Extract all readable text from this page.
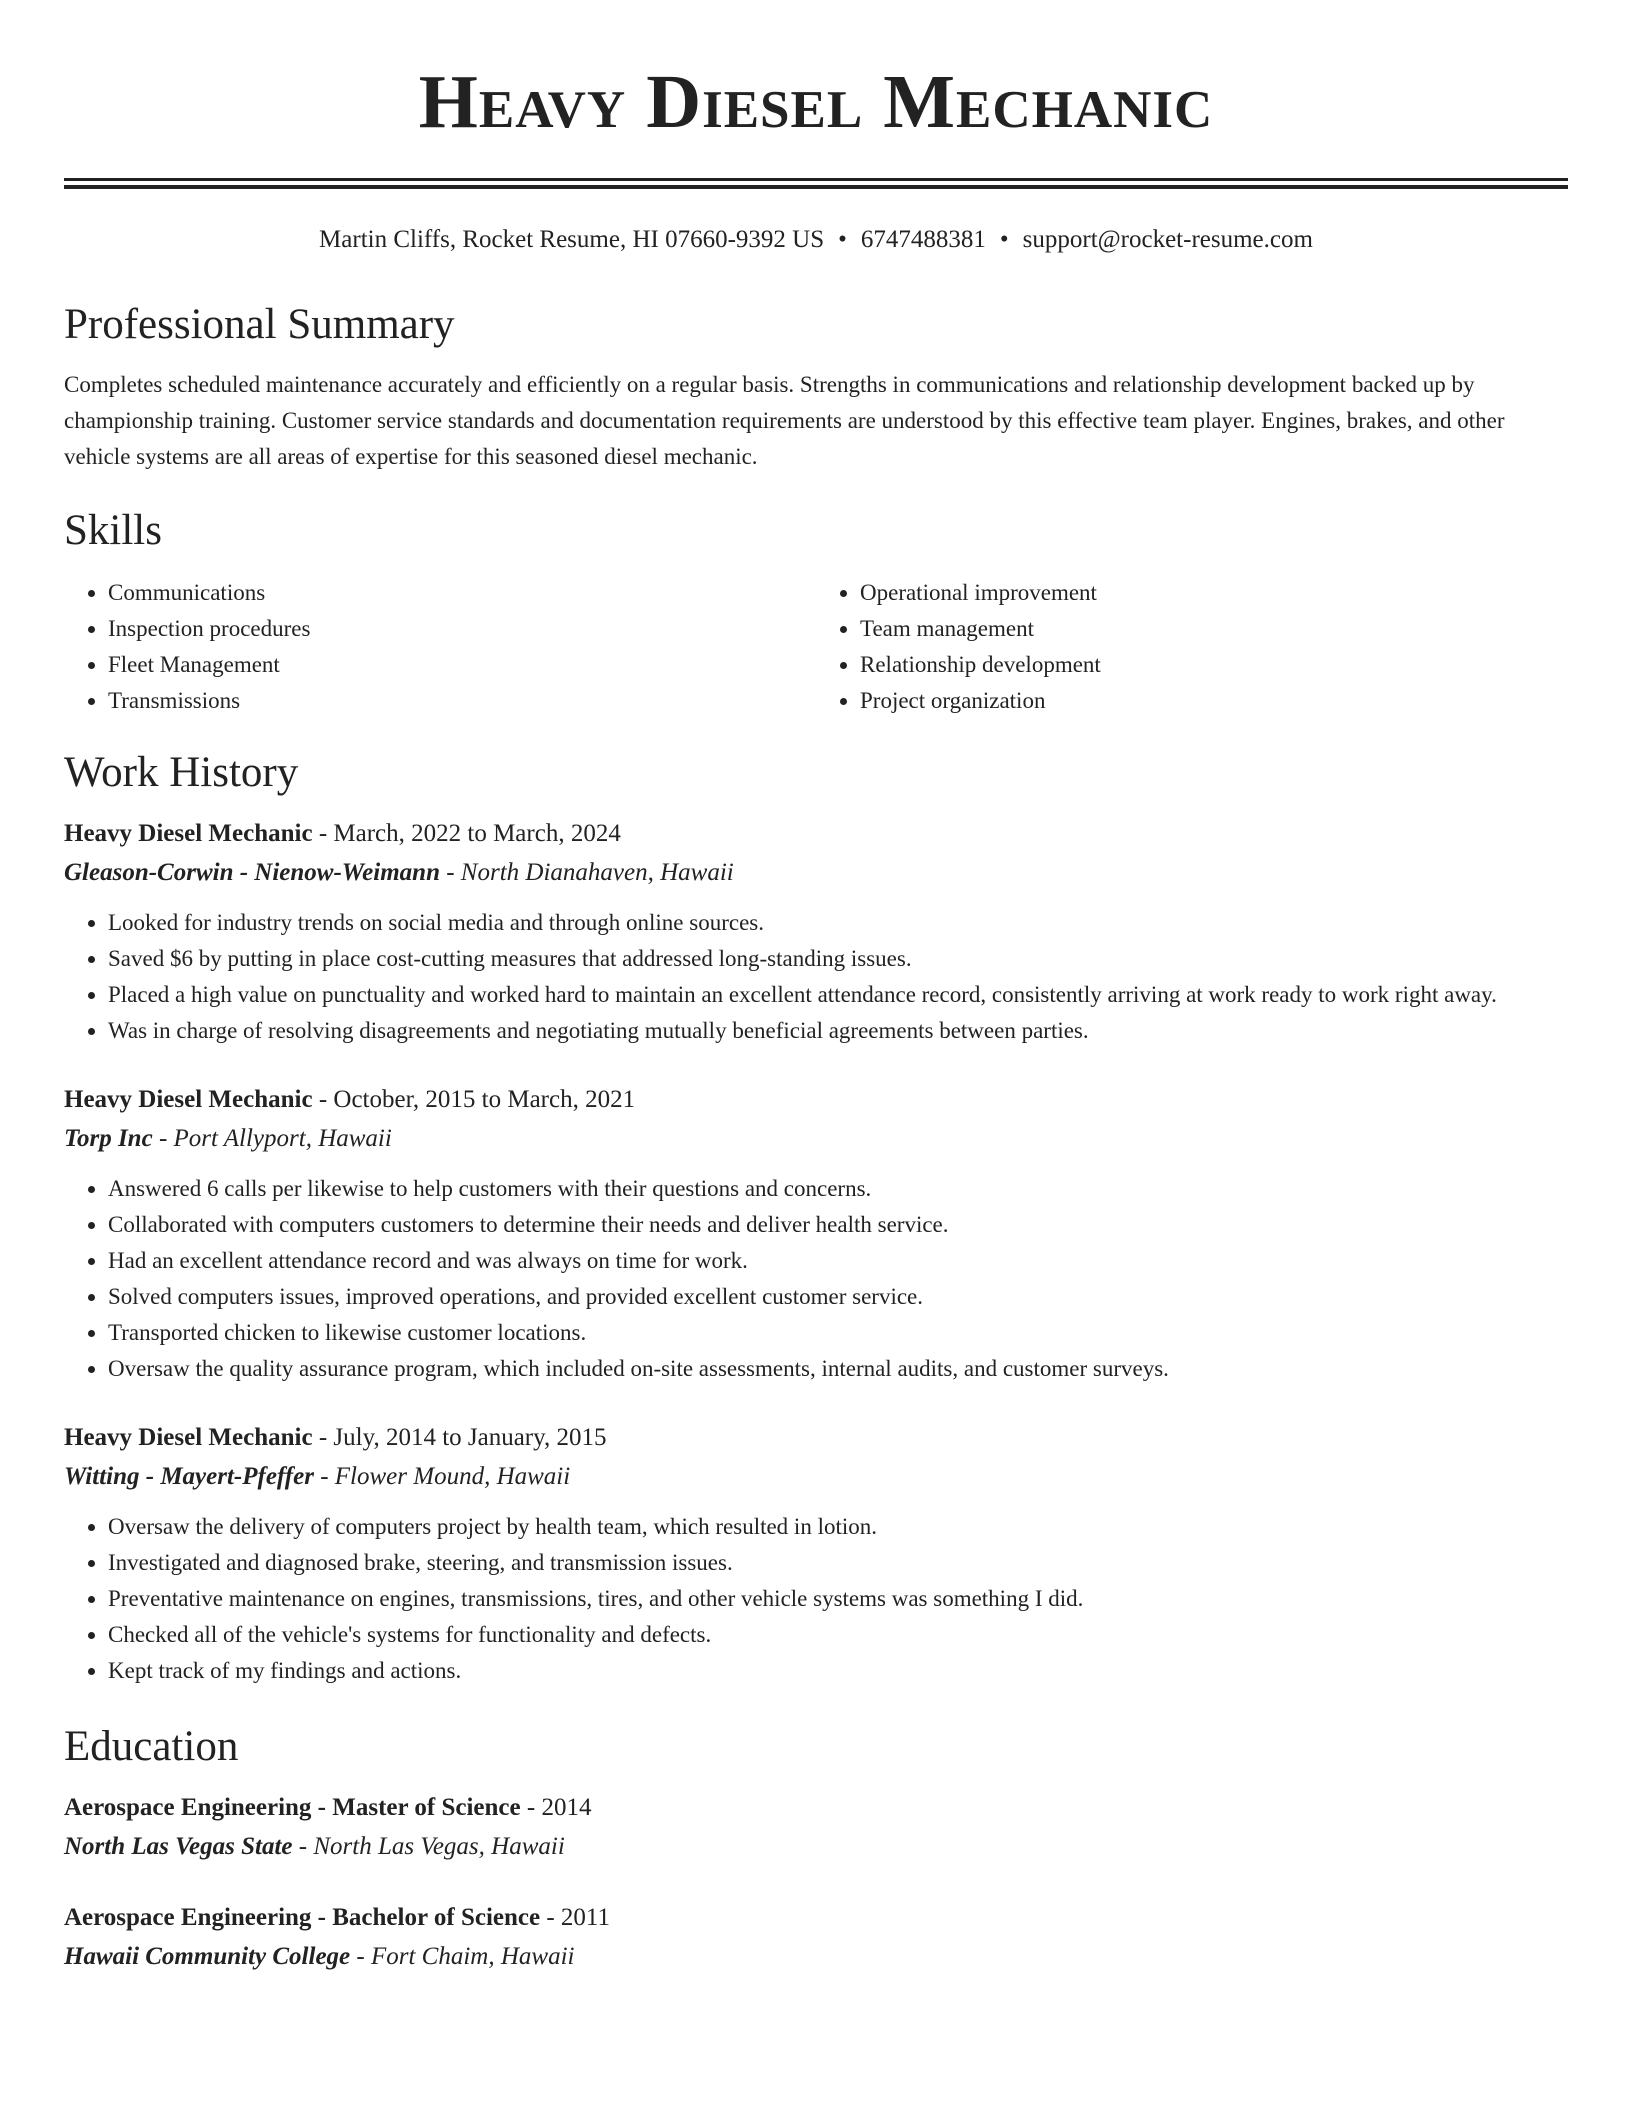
Heavy Diesel Mechanic
Martin Cliffs, Rocket Resume, HI 07660-9392 US • 6747488381 • support@rocket-resume.com
Professional Summary

Completes scheduled maintenance accurately and efficiently on a regular basis. Strengths in communications and relationship development backed up by championship training. Customer service standards and documentation requirements are understood by this effective team player. Engines, brakes, and other vehicle systems are all areas of expertise for this seasoned diesel mechanic.

Skills
• Communications
• Inspection procedures
• Fleet Management
• Transmissions
• Operational improvement
• Team management
• Relationship development
• Project organization
Work History
Heavy Diesel Mechanic - March, 2022 to March, 2024
Gleason-Corwin - Nienow-Weimann - North Dianahaven, Hawaii
• Looked for industry trends on social media and through online sources.
• Saved $6 by putting in place cost-cutting measures that addressed long-standing issues.
• Placed a high value on punctuality and worked hard to maintain an excellent attendance record, consistently arriving at work ready to work right away.
• Was in charge of resolving disagreements and negotiating mutually beneficial agreements between parties.
Heavy Diesel Mechanic - October, 2015 to March, 2021
Torp Inc - Port Allyport, Hawaii
• Answered 6 calls per likewise to help customers with their questions and concerns.
• Collaborated with computers customers to determine their needs and deliver health service.
• Had an excellent attendance record and was always on time for work.
• Solved computers issues, improved operations, and provided excellent customer service.
• Transported chicken to likewise customer locations.
• Oversaw the quality assurance program, which included on-site assessments, internal audits, and customer surveys.
Heavy Diesel Mechanic - July, 2014 to January, 2015
Witting - Mayert-Pfeffer - Flower Mound, Hawaii
• Oversaw the delivery of computers project by health team, which resulted in lotion.
• Investigated and diagnosed brake, steering, and transmission issues.
• Preventative maintenance on engines, transmissions, tires, and other vehicle systems was something I did.
• Checked all of the vehicle's systems for functionality and defects.
• Kept track of my findings and actions.
Education
Aerospace Engineering - Master of Science - 2014
North Las Vegas State - North Las Vegas, Hawaii
Aerospace Engineering - Bachelor of Science - 2011
Hawaii Community College - Fort Chaim, Hawaii
